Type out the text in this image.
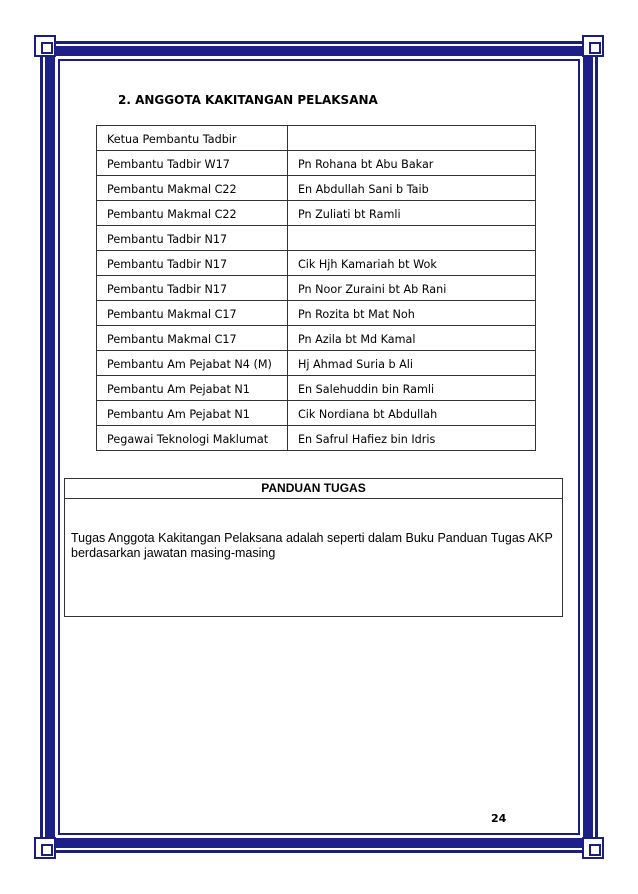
2. ANGGOTA KAKITANGAN PELAKSANA
Ketua Pembantu Tadbir	
Pembantu Tadbir W17	Pn Rohana bt Abu Bakar
Pembantu Makmal C22	En Abdullah Sani b Taib
Pembantu Makmal C22	Pn Zuliati bt Ramli
Pembantu Tadbir N17	
Pembantu Tadbir N17	Cik Hjh Kamariah bt Wok
Pembantu Tadbir N17	Pn Noor Zuraini bt Ab Rani
Pembantu Makmal C17	Pn Rozita bt Mat Noh
Pembantu Makmal C17	Pn Azila bt Md Kamal
Pembantu Am Pejabat N4 (M)	Hj Ahmad Suria b Ali
Pembantu Am Pejabat N1	En Salehuddin bin Ramli
Pembantu Am Pejabat N1	Cik Nordiana bt Abdullah
Pegawai Teknologi Maklumat	En Safrul Hafiez bin Idris
PANDUAN TUGAS
Tugas Anggota Kakitangan Pelaksana adalah seperti dalam Buku Panduan Tugas AKP berdasarkan jawatan masing-masing
24
